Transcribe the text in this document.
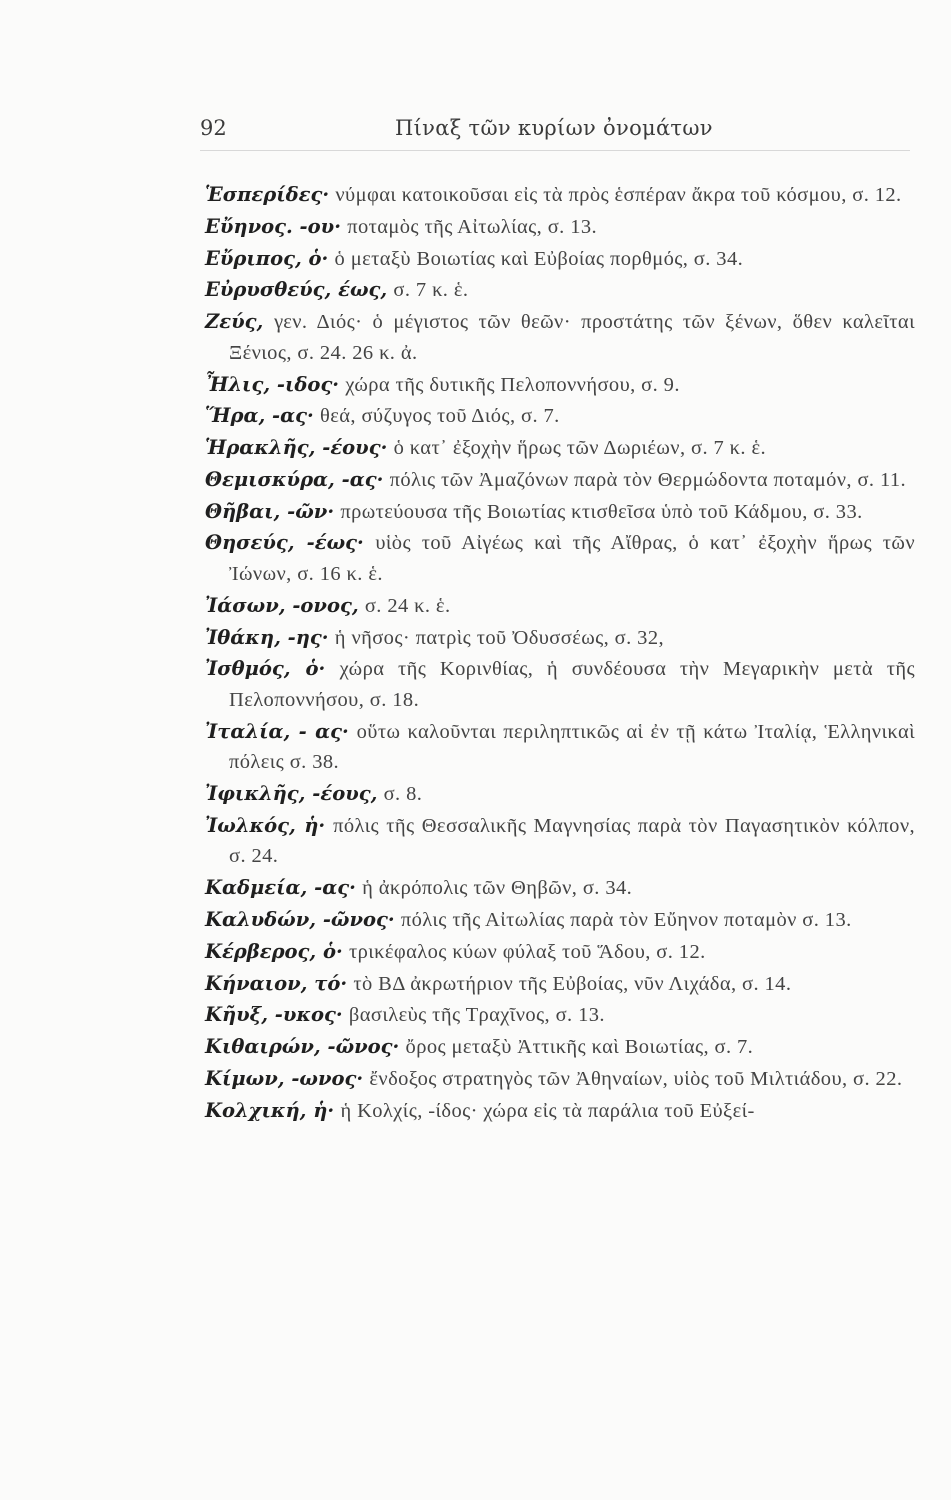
92	Πίναξ τῶν κυρίων ὀνομάτων

Ἑσπερίδες· νύμφαι κατοικοῦσαι εἰς τὰ πρὸς ἑσπέραν ἄκρα τοῦ κόσμου, σ. 12.

Εὔηνος. -ου· ποταμὸς τῆς Αἰτωλίας, σ. 13.

Εὔριπος, ὁ· ὁ μεταξὺ Βοιωτίας καὶ Εὐβοίας πορθμός, σ. 34.

Εὐρυσθεύς, έως, σ. 7 κ. ἑ.

Ζεύς, γεν. Διός· ὁ μέγιστος τῶν θεῶν· προστάτης τῶν ξένων, ὅθεν καλεῖται Ξένιος, σ. 24. 26 κ. ἀ.

Ἦλις, -ιδος· χώρα τῆς δυτικῆς Πελοποννήσου, σ. 9.

Ἥρα, -ας· θεά, σύζυγος τοῦ Διός, σ. 7.

Ἡρακλῆς, -έους· ὁ κατ᾽ ἐξοχὴν ἥρως τῶν Δωριέων, σ. 7 κ. ἑ.

Θεμισκύρα, -ας· πόλις τῶν Ἀμαζόνων παρὰ τὸν Θερμώδοντα ποταμόν, σ. 11.

Θῆβαι, -ῶν· πρωτεύουσα τῆς Βοιωτίας κτισθεῖσα ὑπὸ τοῦ Κάδμου, σ. 33.

Θησεύς, -έως· υἱὸς τοῦ Αἰγέως καὶ τῆς Αἴθρας, ὁ κατ᾽ ἐξοχὴν ἥρως τῶν Ἰώνων, σ. 16 κ. ἑ.

Ἰάσων, -ονος, σ. 24 κ. ἑ.

Ἰθάκη, -ης· ἡ νῆσος· πατρὶς τοῦ Ὀδυσσέως, σ. 32,

Ἰσθμός, ὁ· χώρα τῆς Κορινθίας, ἡ συνδέουσα τὴν Μεγαρικὴν μετὰ τῆς Πελοποννήσου, σ. 18.

Ἰταλία, - ας· οὕτω καλοῦνται περιληπτικῶς αἱ ἐν τῇ κάτω Ἰταλίᾳ, Ἑλληνικαὶ πόλεις σ. 38.

Ἰφικλῆς, -έους, σ. 8.

Ἰωλκός, ἡ· πόλις τῆς Θεσσαλικῆς Μαγνησίας παρὰ τὸν Παγασητικὸν κόλπον, σ. 24.

Καδμεία, -ας· ἡ ἀκρόπολις τῶν Θηβῶν, σ. 34.

Καλυδών, -ῶνος· πόλις τῆς Αἰτωλίας παρὰ τὸν Εὔηνον ποταμὸν σ. 13.

Κέρβερος, ὁ· τρικέφαλος κύων φύλαξ τοῦ Ἅδου, σ. 12.

Κήναιον, τό· τὸ ΒΔ ἀκρωτήριον τῆς Εὐβοίας, νῦν Λιχάδα, σ. 14.

Κῆυξ, -υκος· βασιλεὺς τῆς Τραχῖνος, σ. 13.

Κιθαιρών, -ῶνος· ὄρος μεταξὺ Ἀττικῆς καὶ Βοιωτίας, σ. 7.

Κίμων, -ωνος· ἔνδοξος στρατηγὸς τῶν Ἀθηναίων, υἱὸς τοῦ Μιλτιάδου, σ. 22.

Κολχική, ἡ· ἡ Κολχίς, -ίδος· χώρα εἰς τὰ παράλια τοῦ Εὐξεί-
